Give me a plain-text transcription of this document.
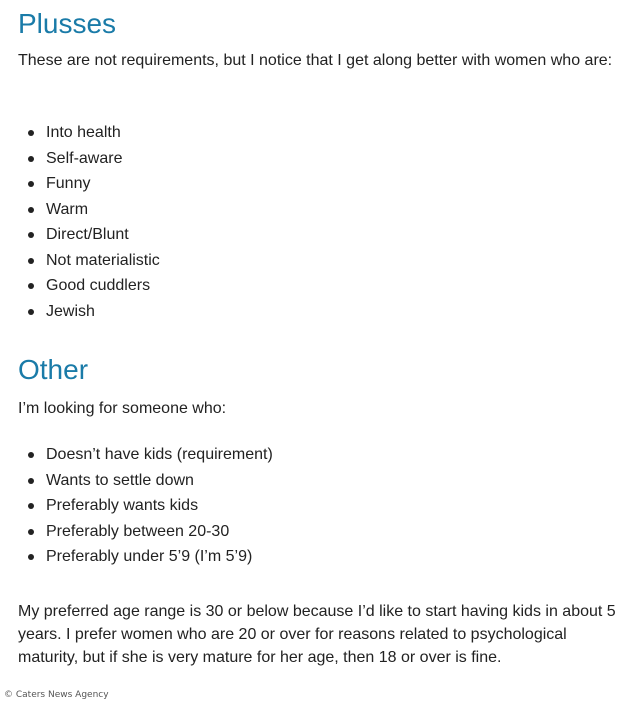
Plusses

These are not requirements, but I notice that I get along better with women who are:

Into health
Self-aware
Funny
Warm
Direct/Blunt
Not materialistic
Good cuddlers
Jewish
Other

I’m looking for someone who:

Doesn’t have kids (requirement)
Wants to settle down
Preferably wants kids
Preferably between 20-30
Preferably under 5’9 (I’m 5’9)

My preferred age range is 30 or below because I’d like to start having kids in about 5 years. I prefer women who are 20 or over for reasons related to psychological maturity, but if she is very mature for her age, then 18 or over is fine.

© Caters News Agency
